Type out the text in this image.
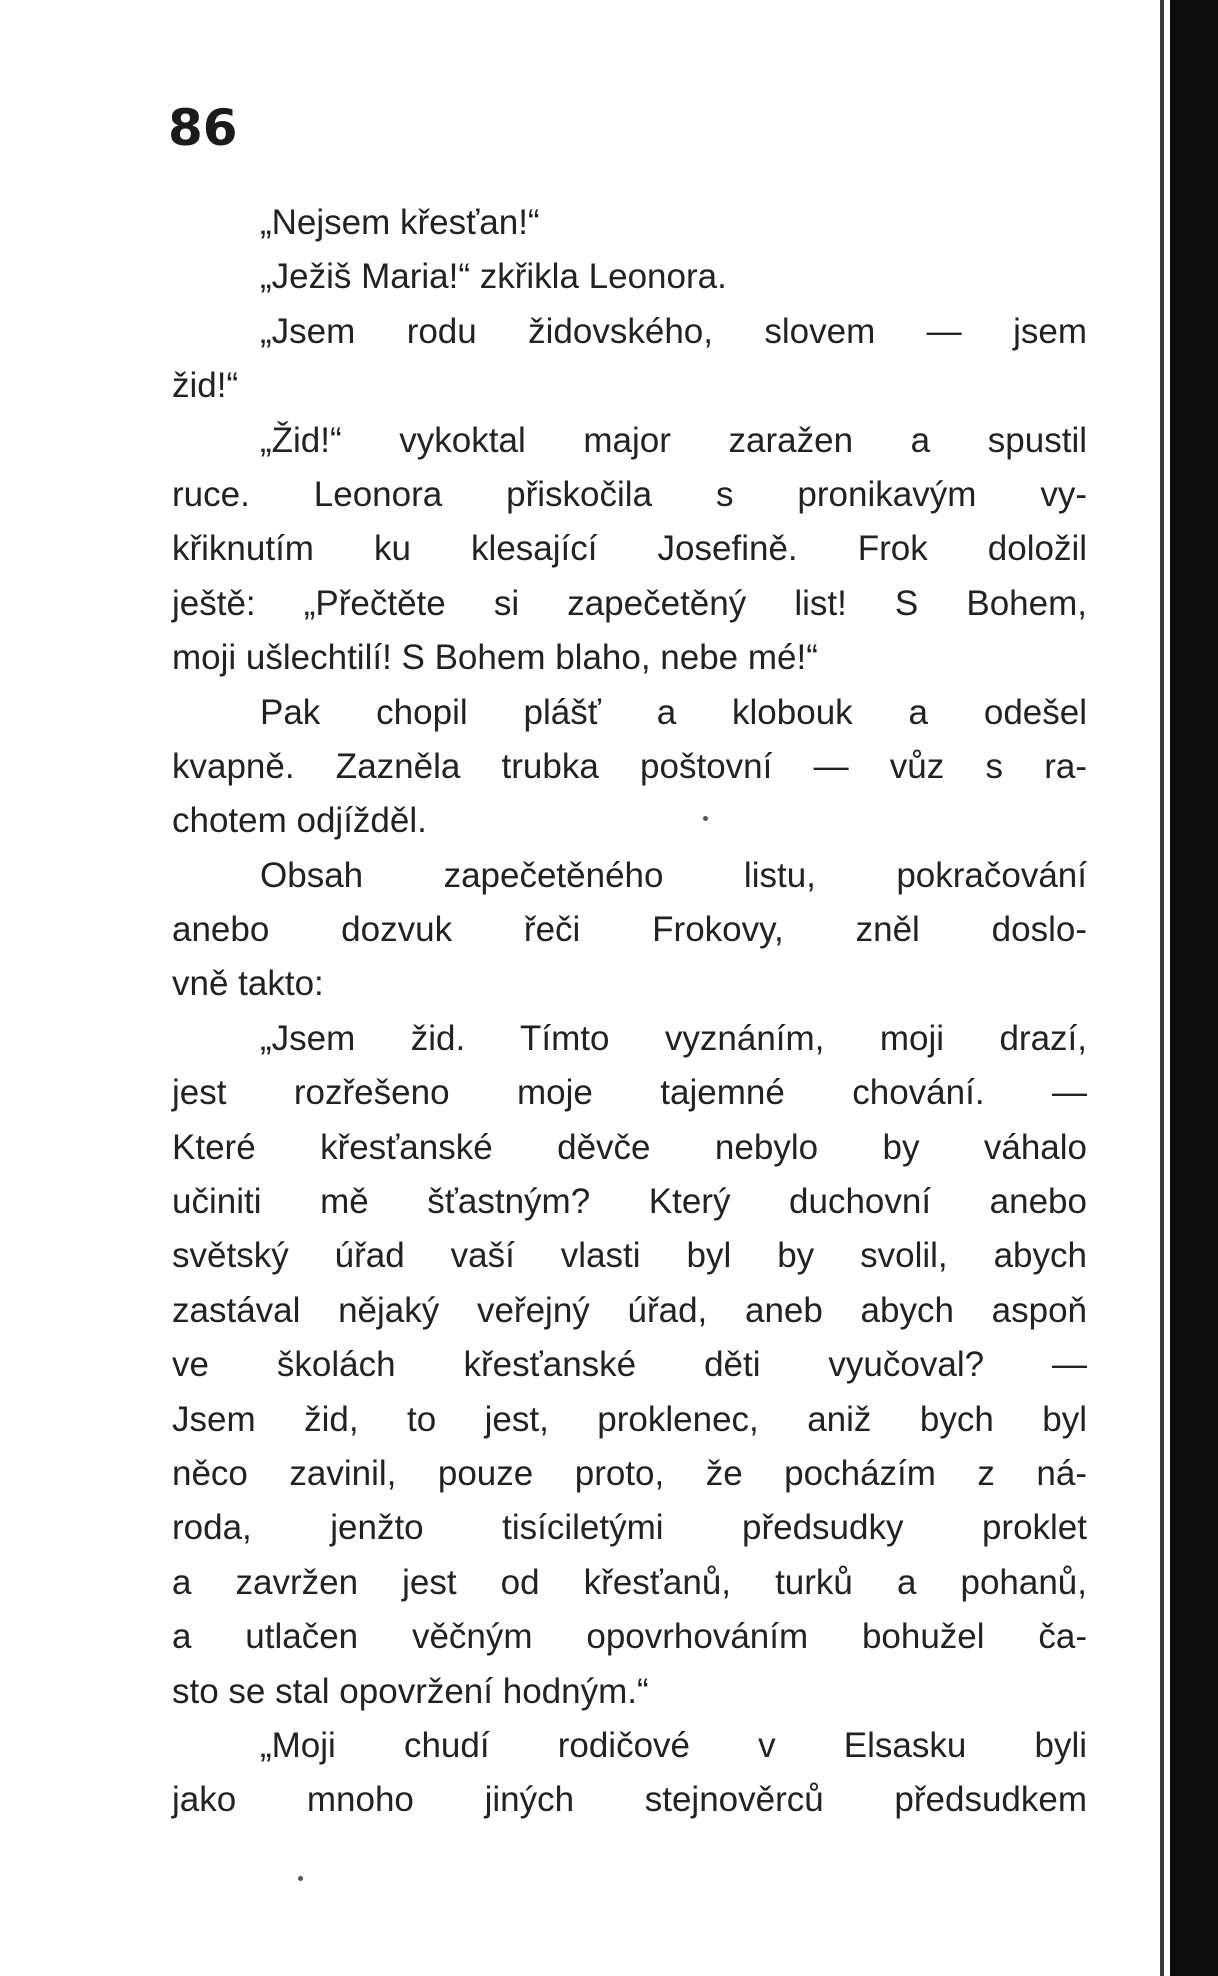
86
„Nejsem křesťan!“
„Ježiš Maria!“ zkřikla Leonora.
„Jsem rodu židovského, slovem — jsem
žid!“
„Žid!“ vykoktal major zaražen a spustil
ruce. Leonora přiskočila s pronikavým vy-
křiknutím ku klesající Josefině. Frok doložil
ještě: „Přečtěte si zapečetěný list! S Bohem,
moji ušlechtilí! S Bohem blaho, nebe mé!“
Pak chopil plášť a klobouk a odešel
kvapně. Zazněla trubka poštovní — vůz s ra-
chotem odjížděl.
Obsah zapečetěného listu, pokračování
anebo dozvuk řeči Frokovy, zněl doslo-
vně takto:
„Jsem žid. Tímto vyznáním, moji drazí,
jest rozřešeno moje tajemné chování. —
Které křesťanské děvče nebylo by váhalo
učiniti mě šťastným? Který duchovní anebo
světský úřad vaší vlasti byl by svolil, abych
zastával nějaký veřejný úřad, aneb abych aspoň
ve školách křesťanské děti vyučoval? —
Jsem žid, to jest, proklenec, aniž bych byl
něco zavinil, pouze proto, že pocházím z ná-
roda, jenžto tisíciletými předsudky proklet
a zavržen jest od křesťanů, turků a pohanů,
a utlačen věčným opovrhováním bohužel ča-
sto se stal opovržení hodným.“
„Moji chudí rodičové v Elsasku byli
jako mnoho jiných stejnověrců předsudkem
